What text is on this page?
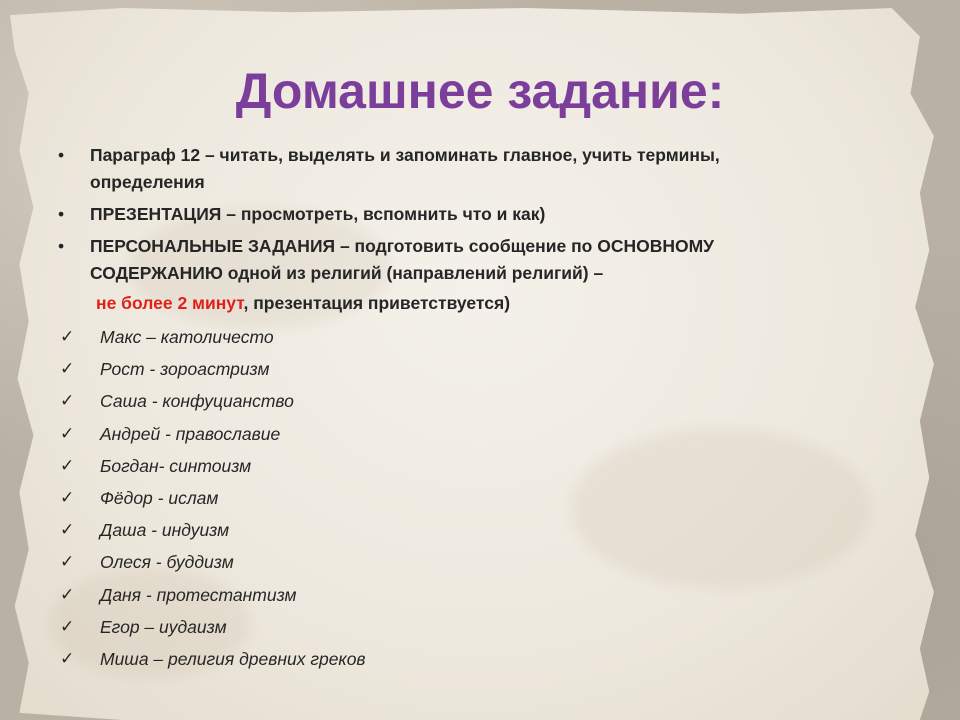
Домашнее задание:
• Параграф 12 – читать, выделять и запоминать главное, учить термины,
определения
• ПРЕЗЕНТАЦИЯ – просмотреть, вспомнить что и как)
• ПЕРСОНАЛЬНЫЕ ЗАДАНИЯ – подготовить сообщение по ОСНОВНОМУ
СОДЕРЖАНИЮ одной из религий (направлений религий) –
не более 2 минут, презентация приветствуется)
✓ Макс – католичесто
✓ Рост - зороастризм
✓ Саша - конфуцианство
✓ Андрей - православие
✓ Богдан- синтоизм
✓ Фёдор - ислам
✓ Даша - индуизм
✓ Олеся - буддизм
✓ Даня - протестантизм
✓ Егор – иудаизм
✓ Миша – религия древних греков
